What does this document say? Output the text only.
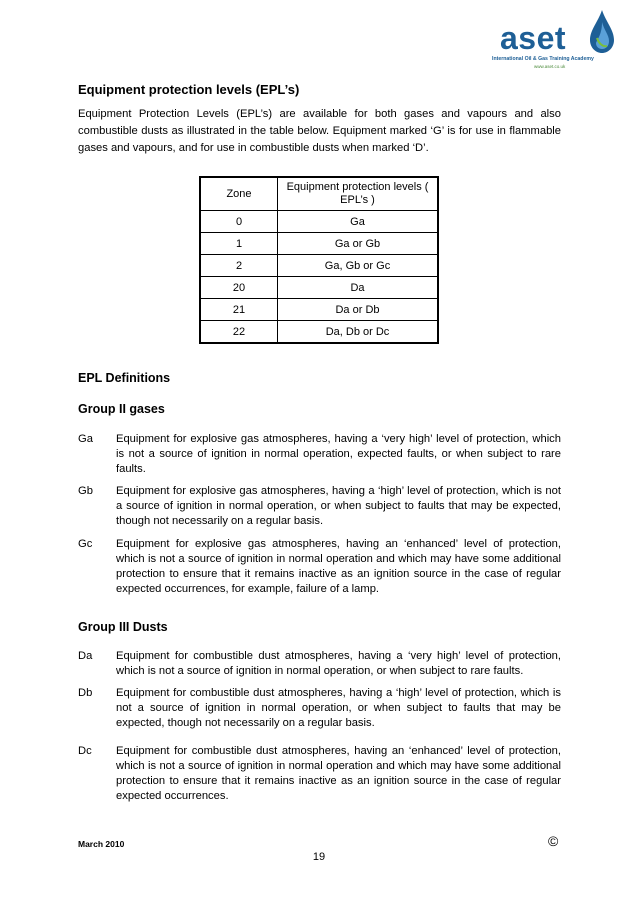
aset
International Oil & Gas Training Academy
www.aset.co.uk
Equipment protection levels (EPL’s)
Equipment Protection Levels (EPL’s) are available for both gases and vapours and also combustible dusts as illustrated in the table below. Equipment marked ‘G’ is for use in flammable gases and vapours, and for use in combustible dusts when marked ‘D’.
Zone	Equipment protection levels ( EPL’s )
0	Ga
1	Ga or Gb
2	Ga, Gb or Gc
20	Da
21	Da or Db
22	Da, Db or Dc
EPL Definitions
Group II gases
Ga Equipment for explosive gas atmospheres, having a ‘very high’ level of protection, which is not a source of ignition in normal operation, expected faults, or when subject to rare faults.
Gb Equipment for explosive gas atmospheres, having a ‘high’ level of protection, which is not a source of ignition in normal operation, or when subject to faults that may be expected, though not necessarily on a regular basis.
Gc Equipment for explosive gas atmospheres, having an ‘enhanced’ level of protection, which is not a source of ignition in normal operation and which may have some additional protection to ensure that it remains inactive as an ignition source in the case of regular expected occurrences, for example, failure of a lamp.
Group III Dusts
Da Equipment for combustible dust atmospheres, having a ‘very high’ level of protection, which is not a source of ignition in normal operation, or when subject to rare faults.
Db Equipment for combustible dust atmospheres, having a ‘high’ level of protection, which is not a source of ignition in normal operation, or when subject to faults that may be expected, though not necessarily on a regular basis.
Dc Equipment for combustible dust atmospheres, having an ‘enhanced’ level of protection, which is not a source of ignition in normal operation and which may have some additional protection to ensure that it remains inactive as an ignition source in the case of regular expected occurrences.
March 2010	©
19
